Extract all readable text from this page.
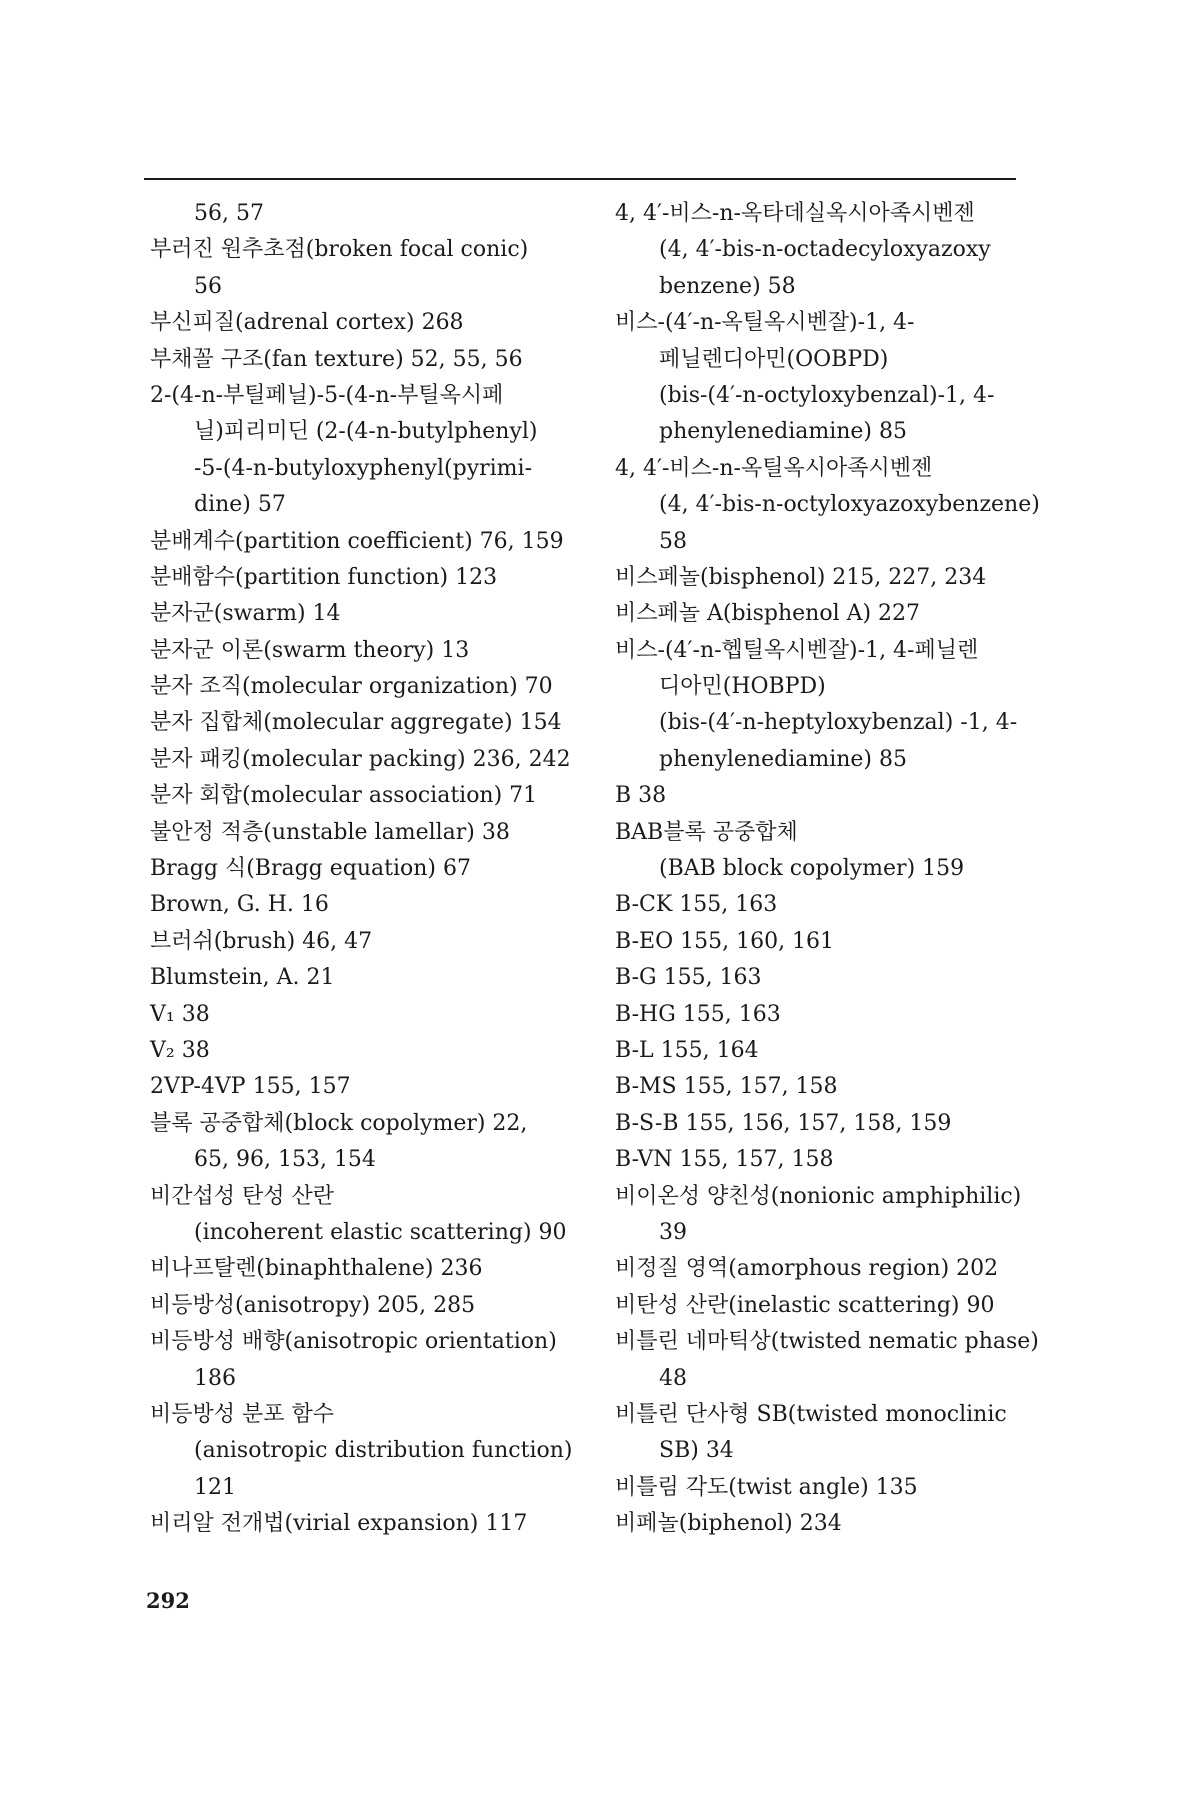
56, 57
부러진 원추초점(broken focal conic)
56
부신피질(adrenal cortex) 268
부채꼴 구조(fan texture) 52, 55, 56
2-(4-n-부틸페닐)-5-(4-n-부틸옥시페
닐)피리미딘 (2-(4-n-butylphenyl)
-5-(4-n-butyloxyphenyl(pyrimi-
dine) 57
분배계수(partition coefficient) 76, 159
분배함수(partition function) 123
분자군(swarm) 14
분자군 이론(swarm theory) 13
분자 조직(molecular organization) 70
분자 집합체(molecular aggregate) 154
분자 패킹(molecular packing) 236, 242
분자 회합(molecular association) 71
불안정 적층(unstable lamellar) 38
Bragg 식(Bragg equation) 67
Brown, G. H. 16
브러쉬(brush) 46, 47
Blumstein, A. 21
V₁ 38
V₂ 38
2VP-4VP 155, 157
블록 공중합체(block copolymer) 22,
65, 96, 153, 154
비간섭성 탄성 산란
(incoherent elastic scattering) 90
비나프탈렌(binaphthalene) 236
비등방성(anisotropy) 205, 285
비등방성 배향(anisotropic orientation)
186
비등방성 분포 함수
(anisotropic distribution function)
121
비리알 전개법(virial expansion) 117
4, 4′-비스-n-옥타데실옥시아족시벤젠
(4, 4′-bis-n-octadecyloxyazoxy
benzene) 58
비스-(4′-n-옥틸옥시벤잘)-1, 4-
페닐렌디아민(OOBPD)
(bis-(4′-n-octyloxybenzal)-1, 4-
phenylenediamine) 85
4, 4′-비스-n-옥틸옥시아족시벤젠
(4, 4′-bis-n-octyloxyazoxybenzene)
58
비스페놀(bisphenol) 215, 227, 234
비스페놀 A(bisphenol A) 227
비스-(4′-n-헵틸옥시벤잘)-1, 4-페닐렌
디아민(HOBPD)
(bis-(4′-n-heptyloxybenzal) -1, 4-
phenylenediamine) 85
B 38
BAB블록 공중합체
(BAB block copolymer) 159
B-CK 155, 163
B-EO 155, 160, 161
B-G 155, 163
B-HG 155, 163
B-L 155, 164
B-MS 155, 157, 158
B-S-B 155, 156, 157, 158, 159
B-VN 155, 157, 158
비이온성 양친성(nonionic amphiphilic)
39
비정질 영역(amorphous region) 202
비탄성 산란(inelastic scattering) 90
비틀린 네마틱상(twisted nematic phase)
48
비틀린 단사형 SB(twisted monoclinic
SB) 34
비틀림 각도(twist angle) 135
비페놀(biphenol) 234
292
